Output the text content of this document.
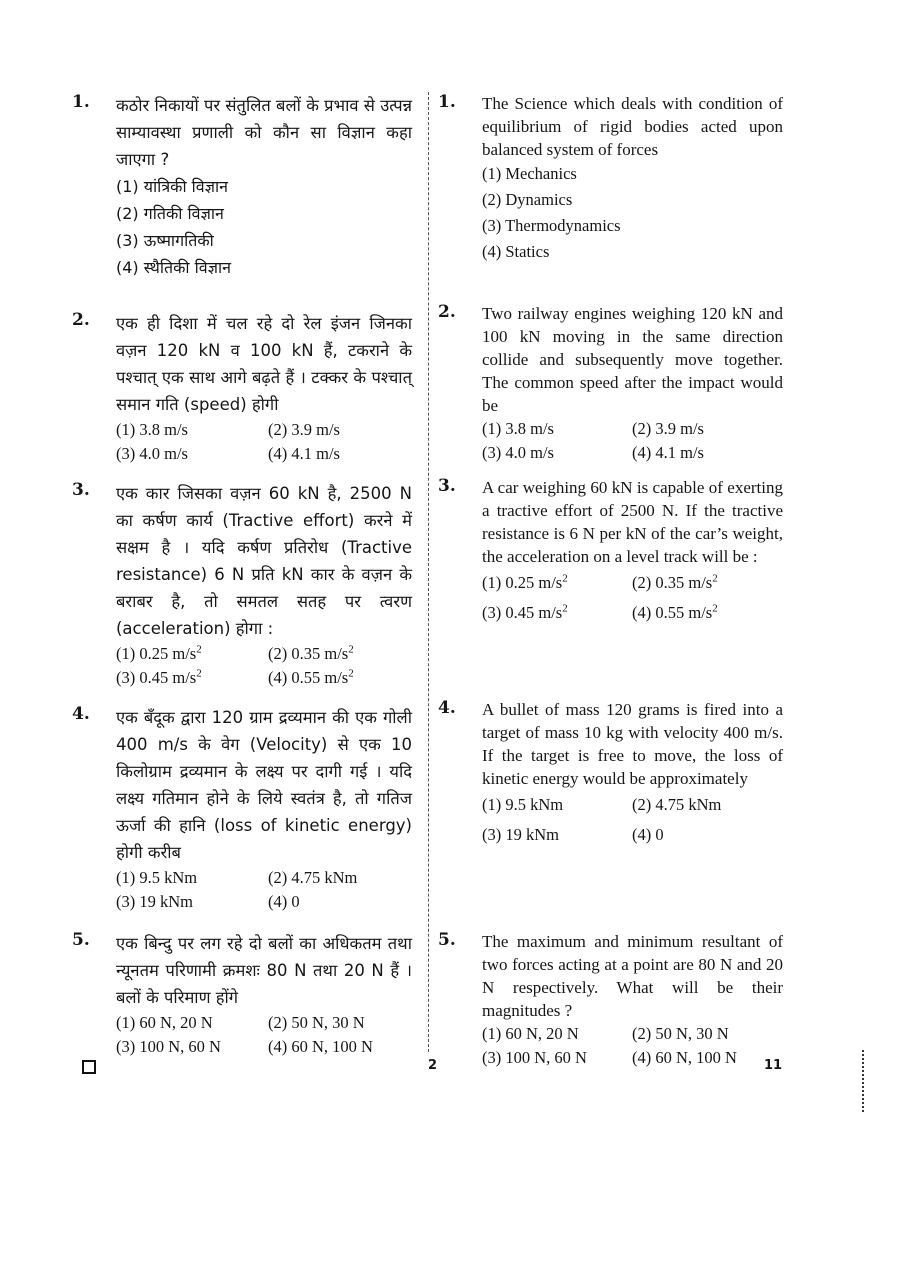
1. कठोर निकायों पर संतुलित बलों के प्रभाव से उत्पन्न साम्यावस्था प्रणाली को कौन सा विज्ञान कहा जाएगा ?
(1) यांत्रिकी विज्ञान
(2) गतिकी विज्ञान
(3) ऊष्मागतिकी
(4) स्थैतिकी विज्ञान
2. एक ही दिशा में चल रहे दो रेल इंजन जिनका वज़न 120 kN व 100 kN हैं, टकराने के पश्चात् एक साथ आगे बढ़ते हैं । टक्कर के पश्चात् समान गति (speed) होगी
(1) 3.8 m/s	(2) 3.9 m/s
(3) 4.0 m/s	(4) 4.1 m/s
3. एक कार जिसका वज़न 60 kN है, 2500 N का कर्षण कार्य (Tractive effort) करने में सक्षम है । यदि कर्षण प्रतिरोध (Tractive resistance) 6 N प्रति kN कार के वज़न के बराबर है, तो समतल सतह पर त्वरण (acceleration) होगा :
(1) 0.25 $m/s^2$	(2) 0.35 $m/s^2$
(3) 0.45 $m/s^2$	(4) 0.55 $m/s^2$
4. एक बँदूक द्वारा 120 ग्राम द्रव्यमान की एक गोली 400 m/s के वेग (Velocity) से एक 10 किलोग्राम द्रव्यमान के लक्ष्य पर दागी गई । यदि लक्ष्य गतिमान होने के लिये स्वतंत्र है, तो गतिज ऊर्जा की हानि (loss of kinetic energy) होगी करीब
(1) 9.5 kNm	(2) 4.75 kNm
(3) 19 kNm	(4) 0
5. एक बिन्दु पर लग रहे दो बलों का अधिकतम तथा न्यूनतम परिणामी क्रमशः 80 N तथा 20 N हैं । बलों के परिमाण होंगे
(1) 60 N, 20 N	(2) 50 N, 30 N
(3) 100 N, 60 N	(4) 60 N, 100 N
1. The Science which deals with condition of equilibrium of rigid bodies acted upon balanced system of forces
(1) Mechanics
(2) Dynamics
(3) Thermodynamics
(4) Statics
2. Two railway engines weighing 120 kN and 100 kN moving in the same direction collide and subsequently move together. The common speed after the impact would be
(1) 3.8 m/s	(2) 3.9 m/s
(3) 4.0 m/s	(4) 4.1 m/s
3. A car weighing 60 kN is capable of exerting a tractive effort of 2500 N. If the tractive resistance is 6 N per kN of the car’s weight, the acceleration on a level track will be :
(1) 0.25 $m/s^2$	(2) 0.35 $m/s^2$
(3) 0.45 $m/s^2$	(4) 0.55 $m/s^2$
4. A bullet of mass 120 grams is fired into a target of mass 10 kg with velocity 400 m/s. If the target is free to move, the loss of kinetic energy would be approximately
(1) 9.5 kNm	(2) 4.75 kNm
(3) 19 kNm	(4) 0
5. The maximum and minimum resultant of two forces acting at a point are 80 N and 20 N respectively. What will be their magnitudes ?
(1) 60 N, 20 N	(2) 50 N, 30 N
(3) 100 N, 60 N	(4) 60 N, 100 N
2	11
